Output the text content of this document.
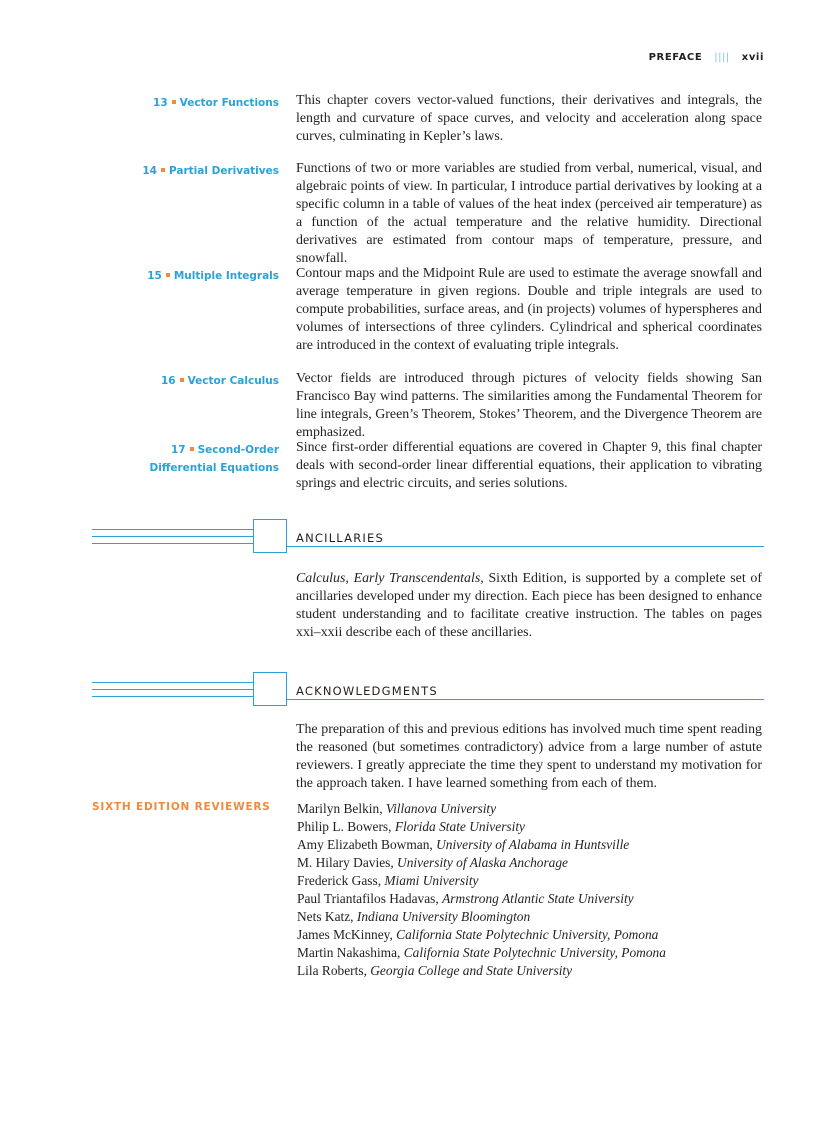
PREFACE |||| xvii
13 Vector Functions This chapter covers vector-valued functions, their derivatives and integrals, the length and curvature of space curves, and velocity and acceleration along space curves, culminating in Kepler’s laws.
14 Partial Derivatives Functions of two or more variables are studied from verbal, numerical, visual, and algebraic points of view. In particular, I introduce partial derivatives by looking at a specific column in a table of values of the heat index (perceived air temperature) as a function of the actual temperature and the relative humidity. Directional derivatives are estimated from contour maps of temperature, pressure, and snowfall.
15 Multiple Integrals Contour maps and the Midpoint Rule are used to estimate the average snowfall and average temperature in given regions. Double and triple integrals are used to compute probabilities, surface areas, and (in projects) volumes of hyperspheres and volumes of intersections of three cylinders. Cylindrical and spherical coordinates are introduced in the context of evaluating triple integrals.
16 Vector Calculus Vector fields are introduced through pictures of velocity fields showing San Francisco Bay wind patterns. The similarities among the Fundamental Theorem for line integrals, Green’s Theorem, Stokes’ Theorem, and the Divergence Theorem are emphasized.
17 Second-Order
Differential Equations
Since first-order differential equations are covered in Chapter 9, this final chapter deals with second-order linear differential equations, their application to vibrating springs and electric circuits, and series solutions.
ANCILLARIES
Calculus, Early Transcendentals, Sixth Edition, is supported by a complete set of ancillaries developed under my direction. Each piece has been designed to enhance student understanding and to facilitate creative instruction. The tables on pages xxi–xxii describe each of these ancillaries.
ACKNOWLEDGMENTS
The preparation of this and previous editions has involved much time spent reading the reasoned (but sometimes contradictory) advice from a large number of astute reviewers. I greatly appreciate the time they spent to understand my motivation for the approach taken. I have learned something from each of them.
SIXTH EDITION REVIEWERS Marilyn Belkin, Villanova University
Philip L. Bowers, Florida State University
Amy Elizabeth Bowman, University of Alabama in Huntsville
M. Hilary Davies, University of Alaska Anchorage
Frederick Gass, Miami University
Paul Triantafilos Hadavas, Armstrong Atlantic State University
Nets Katz, Indiana University Bloomington
James McKinney, California State Polytechnic University, Pomona
Martin Nakashima, California State Polytechnic University, Pomona
Lila Roberts, Georgia College and State University
